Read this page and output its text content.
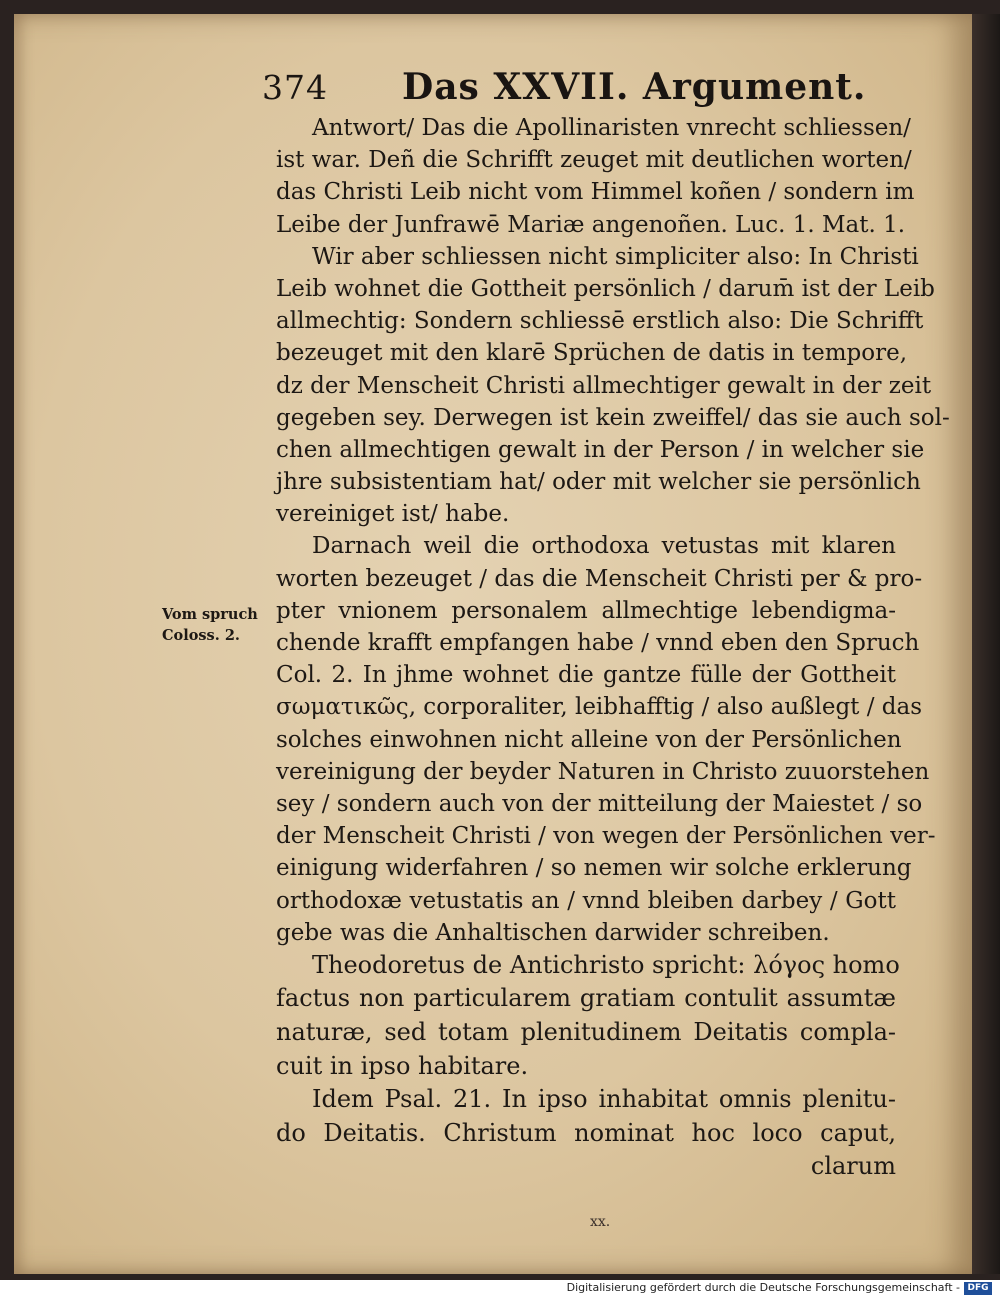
374 Das XXVII. Argument.
Vom spruch
Coloss. 2.
Antwort/ Das die Apollinaristen vnrecht schliessen/
ist war. Deñ die Schrifft zeuget mit deutlichen worten/
das Christi Leib nicht vom Himmel koñen / sondern im
Leibe der Junfrawē Mariæ angenoñen. Luc. 1. Mat. 1.
Wir aber schliessen nicht simpliciter also: In Christi
Leib wohnet die Gottheit persönlich / darum̄ ist der Leib
allmechtig: Sondern schliessē erstlich also: Die Schrifft
bezeuget mit den klarē Sprüchen de datis in tempore,
dz der Menscheit Christi allmechtiger gewalt in der zeit
gegeben sey. Derwegen ist kein zweiffel/ das sie auch sol-
chen allmechtigen gewalt in der Person / in welcher sie
jhre subsistentiam hat/ oder mit welcher sie persönlich
vereiniget ist/ habe.
Darnach weil die orthodoxa vetustas mit klaren
worten bezeuget / das die Menscheit Christi per & pro-
pter vnionem personalem allmechtige lebendigma-
chende krafft empfangen habe / vnnd eben den Spruch
Col. 2. In jhme wohnet die gantze fülle der Gottheit
σωματικῶς, corporaliter, leibhafftig / also außlegt / das
solches einwohnen nicht alleine von der Persönlichen
vereinigung der beyder Naturen in Christo zuuorstehen
sey / sondern auch von der mitteilung der Maiestet / so
der Menscheit Christi / von wegen der Persönlichen ver-
einigung widerfahren / so nemen wir solche erklerung
orthodoxæ vetustatis an / vnnd bleiben darbey / Gott
gebe was die Anhaltischen darwider schreiben.
Theodoretus de Antichristo spricht: λόγος homo
factus non particularem gratiam contulit assumtæ
naturæ, sed totam plenitudinem Deitatis compla-
cuit in ipso habitare.
Idem Psal. 21. In ipso inhabitat omnis plenitu-
do Deitatis. Christum nominat hoc loco caput,
clarum
xx.
Digitalisierung gefördert durch die Deutsche Forschungsgemeinschaft - DFG
